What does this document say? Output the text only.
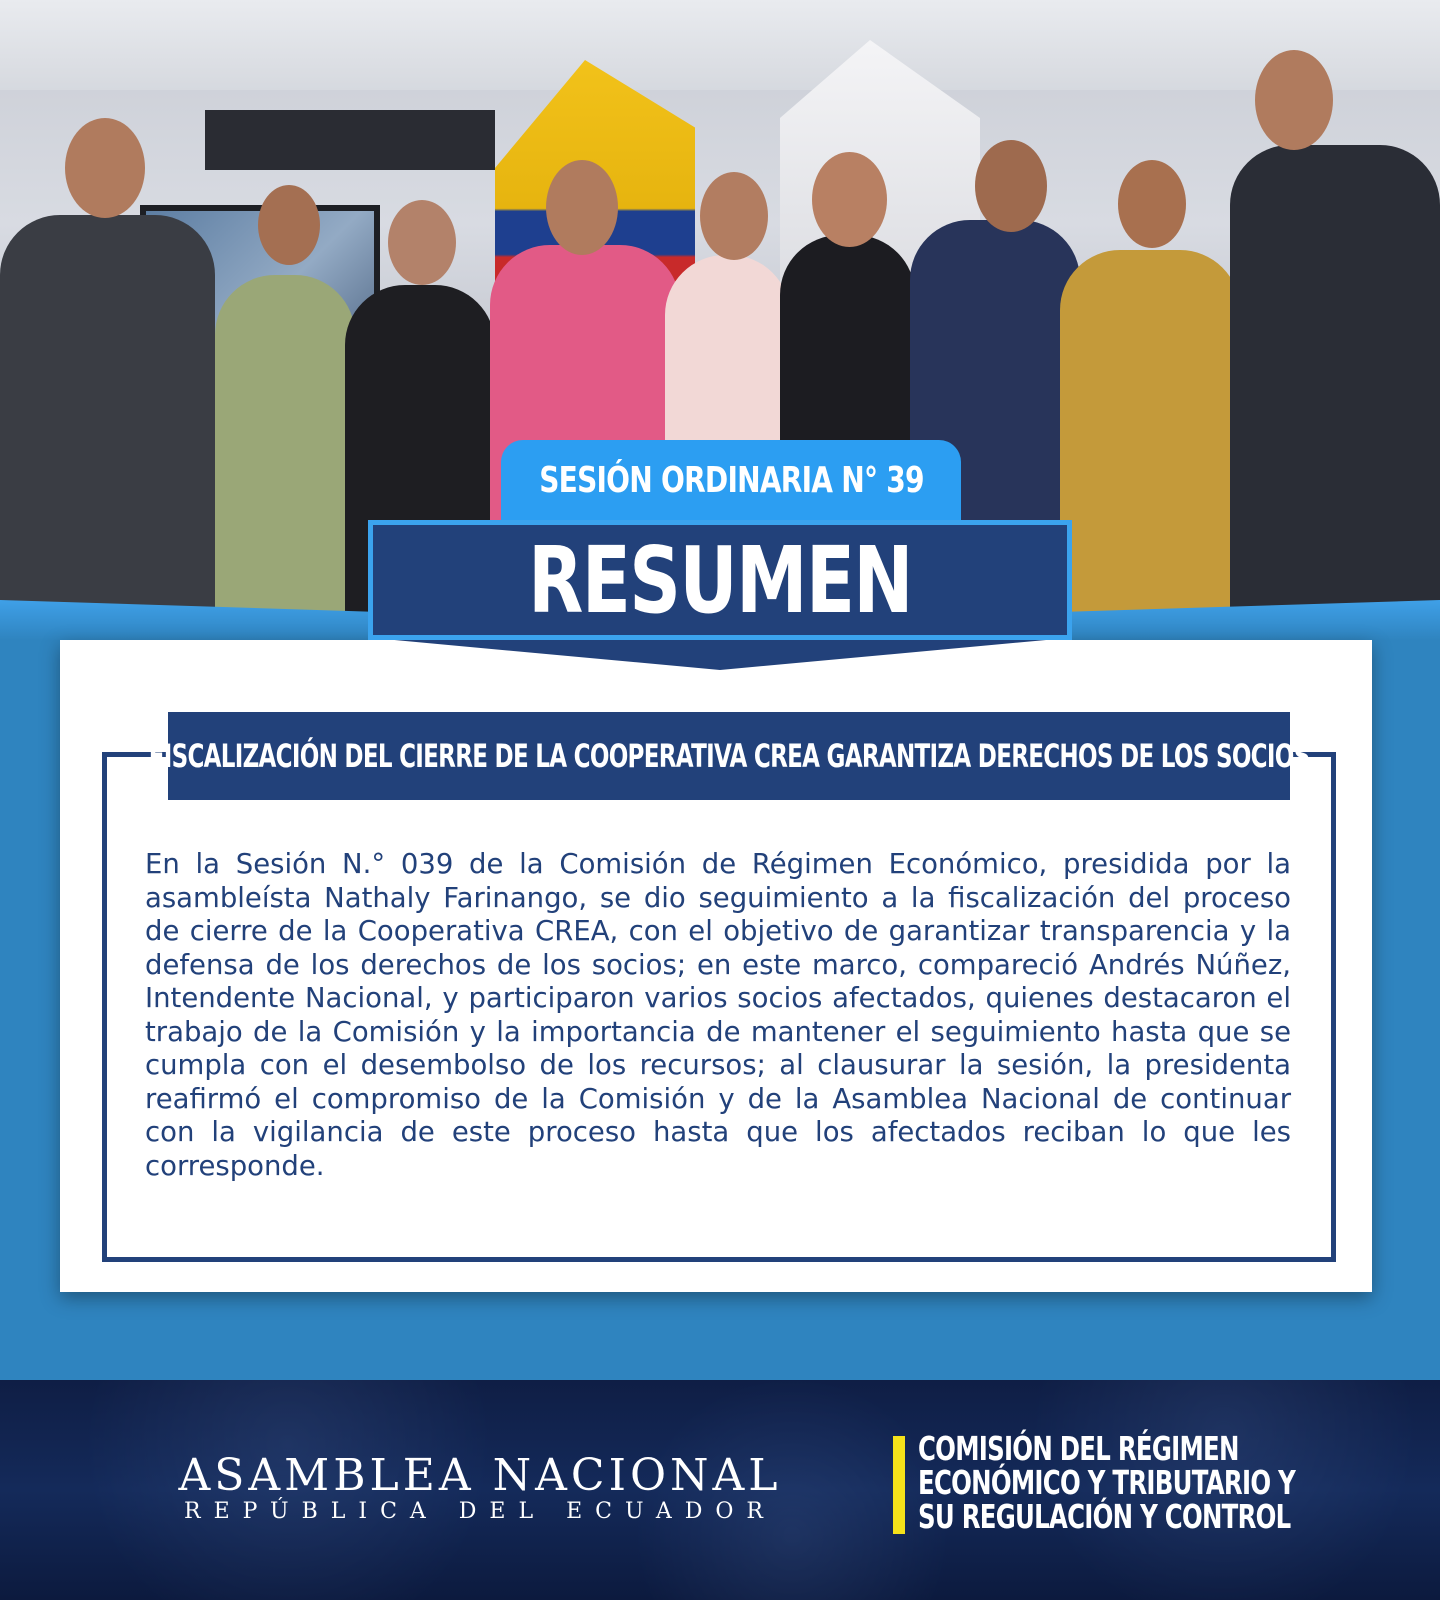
SESIÓN ORDINARIA N° 39
RESUMEN
FISCALIZACIÓN DEL CIERRE DE LA COOPERATIVA CREA GARANTIZA DERECHOS DE LOS SOCIOS

En la Sesión N.° 039 de la Comisión de Régimen Económico, presidida por la asambleísta Nathaly Farinango, se dio seguimiento a la fiscalización del proceso de cierre de la Cooperativa CREA, con el objetivo de garantizar transparencia y la defensa de los derechos de los socios; en este marco, compareció Andrés Núñez, Intendente Nacional, y participaron varios socios afectados, quienes destacaron el trabajo de la Comisión y la importancia de mantener el seguimiento hasta que se cumpla con el desembolso de los recursos; al clausurar la sesión, la presidenta reafirmó el compromiso de la Comisión y de la Asamblea Nacional de continuar con la vigilancia de este proceso hasta que los afectados reciban lo que les corresponde.

ASAMBLEA NACIONAL
REPÚBLICA DEL ECUADOR
COMISIÓN DEL RÉGIMEN
ECONÓMICO Y TRIBUTARIO Y
SU REGULACIÓN Y CONTROL
